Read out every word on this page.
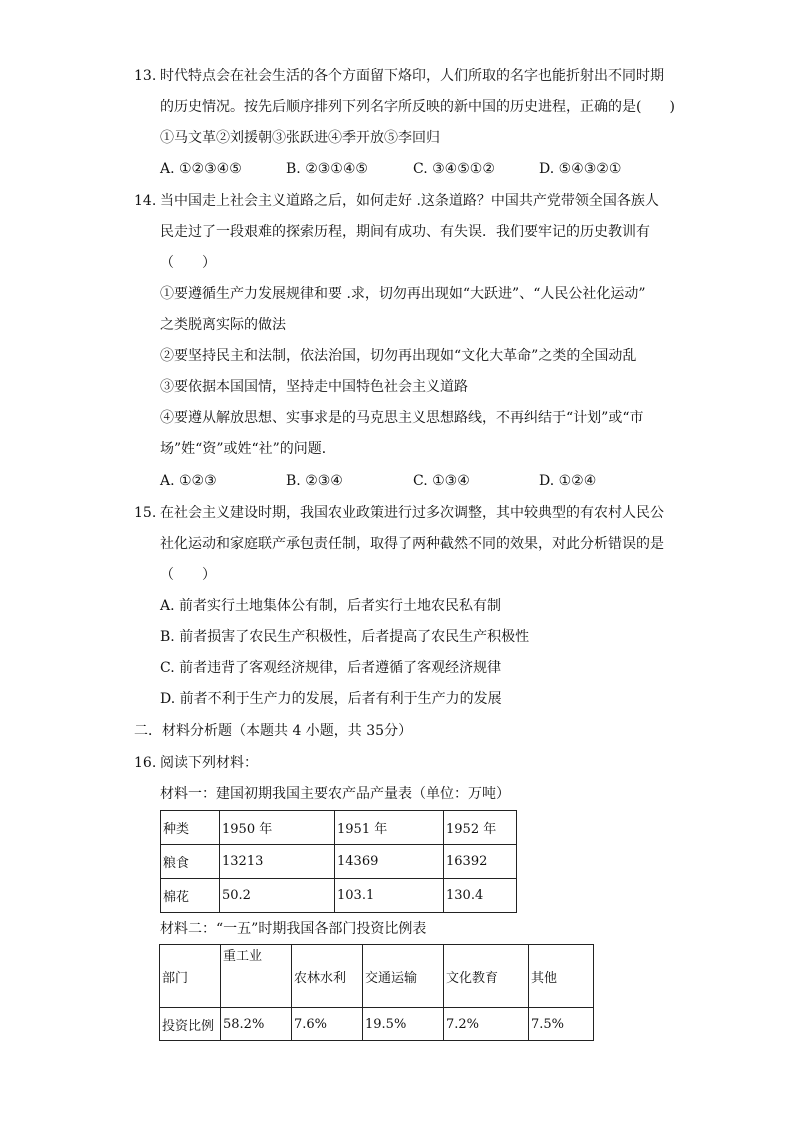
13. 时代特点会在社会生活的各个方面留下烙印，人们所取的名字也能折射出不同时期
的历史情况。按先后顺序排列下列名字所反映的新中国的历史进程，正确的是(　　)
①马文革②刘援朝③张跃进④季开放⑤李回归
A. ①②③④⑤	B. ②③①④⑤	C. ③④⑤①②	D. ⑤④③②①
14. 当中国走上社会主义道路之后，如何走好 .这条道路？中国共产党带领全国各族人
民走过了一段艰难的探索历程，期间有成功、有失误．我们要牢记的历史教训有
（　　）
①要遵循生产力发展规律和要 .求，切勿再出现如“大跃进”、“人民公社化运动”
之类脱离实际的做法
②要坚持民主和法制，依法治国，切勿再出现如“文化大革命”之类的全国动乱
③要依据本国国情，坚持走中国特色社会主义道路
④要遵从解放思想、实事求是的马克思主义思想路线，不再纠结于“计划”或“市
场”姓“资”或姓“社”的问题．
A. ①②③	B. ②③④	C. ①③④	D. ①②④
15. 在社会主义建设时期，我国农业政策进行过多次调整，其中较典型的有农村人民公
社化运动和家庭联产承包责任制，取得了两种截然不同的效果，对此分析错误的是
（　　）
A. 前者实行土地集体公有制，后者实行土地农民私有制
B. 前者损害了农民生产积极性，后者提高了农民生产积极性
C. 前者违背了客观经济规律，后者遵循了客观经济规律
D. 前者不利于生产力的发展，后者有利于生产力的发展
二．材料分析题（本题共 4 小题，共 35分）
16. 阅读下列材料：
材料一：建国初期我国主要农产品产量表（单位：万吨）
种类	1950 年	1951 年	1952 年
粮食	13213	14369	16392
棉花	50.2	103.1	130.4
材料二：“一五”时期我国各部门投资比例表
部门	重工业	农林水利	交通运输	文化教育	其他
投资比例	58.2%	7.6%	19.5%	7.2%	7.5%
